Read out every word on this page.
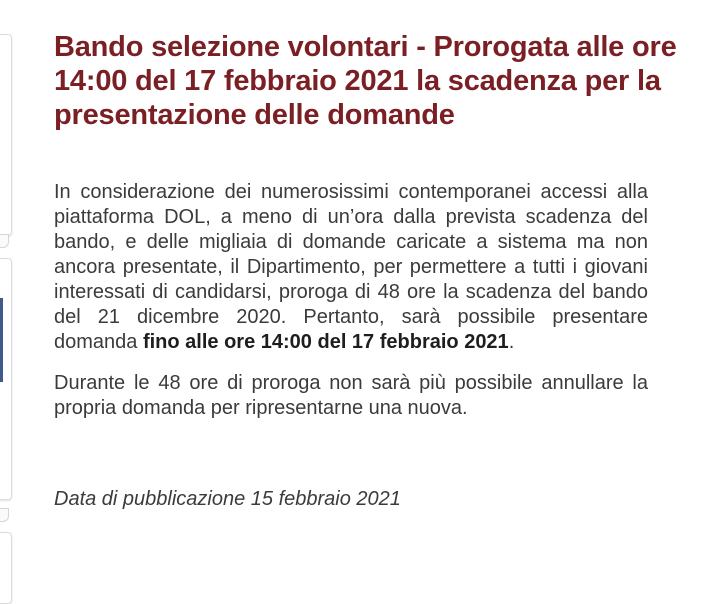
Bando selezione volontari - Prorogata alle ore 14:00 del 17 febbraio 2021 la scadenza per la presentazione delle domande

In considerazione dei numerosissimi contemporanei accessi alla piattaforma DOL, a meno di un’ora dalla prevista scadenza del bando, e delle migliaia di domande caricate a sistema ma non ancora presentate, il Dipartimento, per permettere a tutti i giovani interessati di candidarsi, proroga di 48 ore la scadenza del bando del 21 dicembre 2020. Pertanto, sarà possibile presentare domanda fino alle ore 14:00 del 17 febbraio 2021.

Durante le 48 ore di proroga non sarà più possibile annullare la propria domanda per ripresentarne una nuova.

Data di pubblicazione 15 febbraio 2021
